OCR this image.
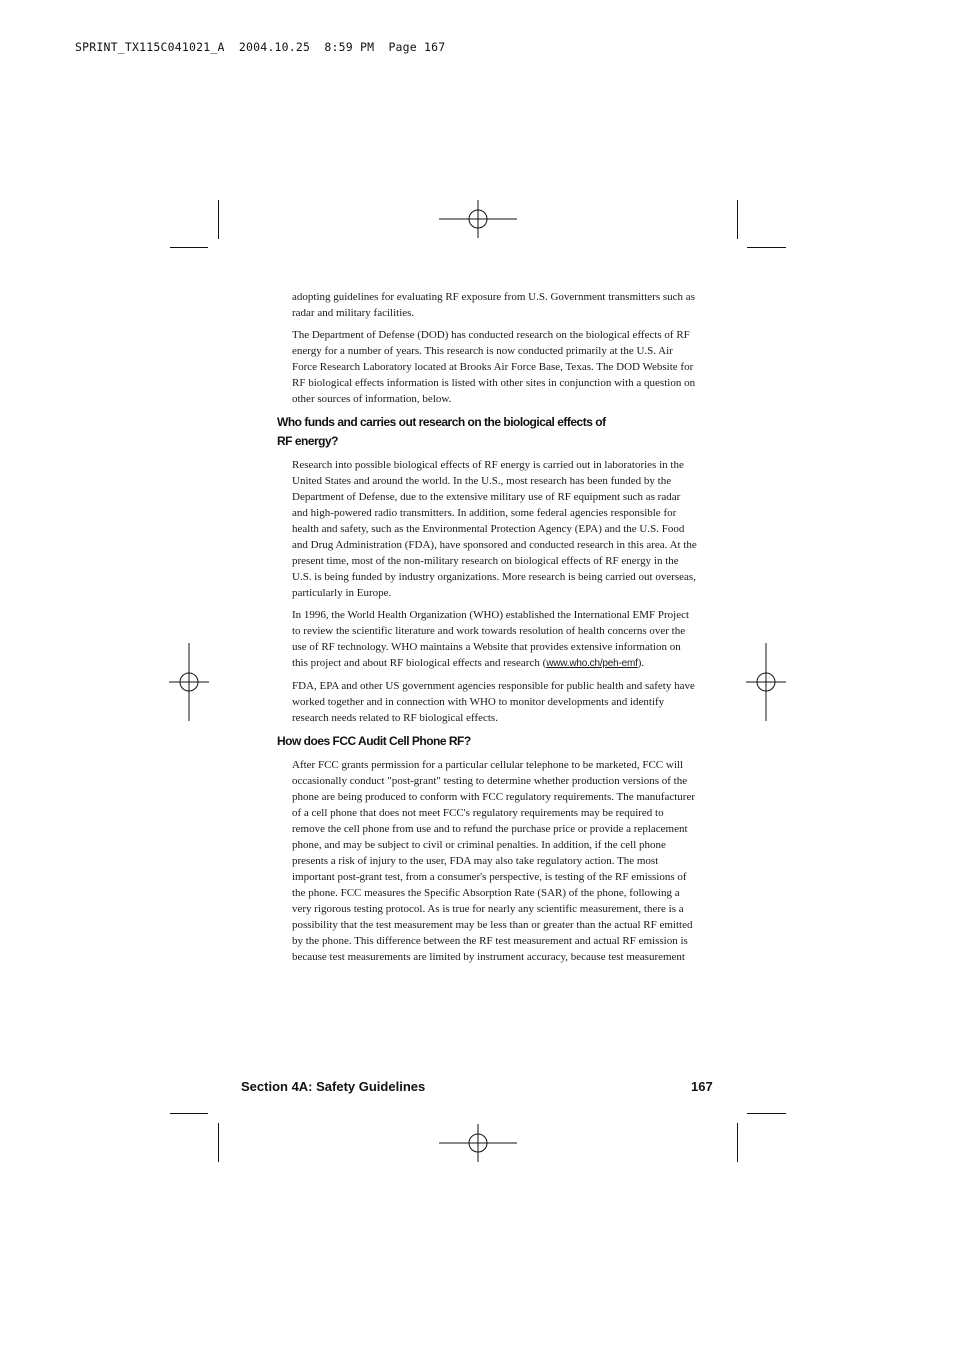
SPRINT_TX115C041021_A  2004.10.25  8:59 PM  Page 167

adopting guidelines for evaluating RF exposure from U.S. Government transmitters such as radar and military facilities.

The Department of Defense (DOD) has conducted research on the biological effects of RF energy for a number of years. This research is now conducted primarily at the U.S. Air Force Research Laboratory located at Brooks Air Force Base, Texas. The DOD Website for RF biological effects information is listed with other sites in conjunction with a question on other sources of information, below.

Who funds and carries out research on the biological effects of
RF energy?

Research into possible biological effects of RF energy is carried out in laboratories in the United States and around the world. In the U.S., most research has been funded by the Department of Defense, due to the extensive military use of RF equipment such as radar and high-powered radio transmitters. In addition, some federal agencies responsible for health and safety, such as the Environmental Protection Agency (EPA) and the U.S. Food and Drug Administration (FDA), have sponsored and conducted research in this area. At the present time, most of the non-military research on biological effects of RF energy in the U.S. is being funded by industry organizations. More research is being carried out overseas, particularly in Europe.

In 1996, the World Health Organization (WHO) established the International EMF Project to review the scientific literature and work towards resolution of health concerns over the use of RF technology. WHO maintains a Website that provides extensive information on this project and about RF biological effects and research (www.who.ch/peh-emf).

FDA, EPA and other US government agencies responsible for public health and safety have worked together and in connection with WHO to monitor developments and identify research needs related to RF biological effects.

How does FCC Audit Cell Phone RF?

After FCC grants permission for a particular cellular telephone to be marketed, FCC will occasionally conduct "post-grant" testing to determine whether production versions of the phone are being produced to conform with FCC regulatory requirements. The manufacturer of a cell phone that does not meet FCC's regulatory requirements may be required to remove the cell phone from use and to refund the purchase price or provide a replacement phone, and may be subject to civil or criminal penalties. In addition, if the cell phone presents a risk of injury to the user, FDA may also take regulatory action. The most important post-grant test, from a consumer's perspective, is testing of the RF emissions of the phone. FCC measures the Specific Absorption Rate (SAR) of the phone, following a very rigorous testing protocol. As is true for nearly any scientific measurement, there is a possibility that the test measurement may be less than or greater than the actual RF emitted by the phone. This difference between the RF test measurement and actual RF emission is because test measurements are limited by instrument accuracy, because test measurement

Section 4A: Safety Guidelines	167
